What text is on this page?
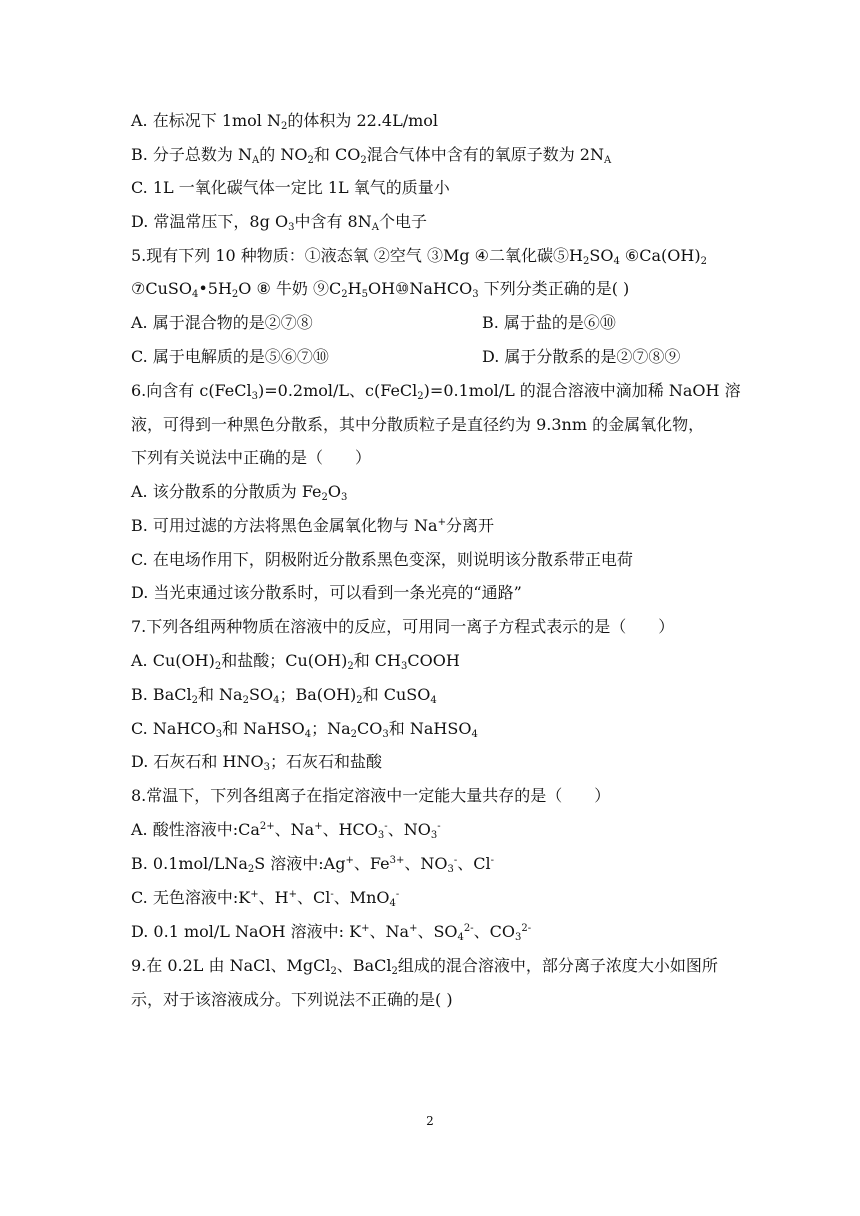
A. 在标况下 1mol $N_2$的体积为 22.4L/mol
B. 分子总数为 $N_A$的 $NO_2$和 $CO_2$混合气体中含有的氧原子数为 $2N_A$
C. 1L 一氧化碳气体一定比 1L 氧气的质量小
D. 常温常压下，8g $O_3$中含有 $8N_A$个电子
5.现有下列 10 种物质：①液态氧 ②空气 ③Mg ④二氧化碳$⑤H_2SO_4$ $⑥Ca(OH)_2$
$⑦CuSO_4•5H_2O$ ⑧ 牛奶 $⑨C_2H_5OH⑩NaHCO_3$ 下列分类正确的是( )
A. 属于混合物的是②⑦⑧	B. 属于盐的是⑥⑩
C. 属于电解质的是⑤⑥⑦⑩	D. 属于分散系的是②⑦⑧⑨
6.向含有 c(FeCl$_3$)=0.2mol/L、c(FeCl$_2$)=0.1mol/L 的混合溶液中滴加稀 NaOH 溶
液，可得到一种黑色分散系，其中分散质粒子是直径约为 9.3nm 的金属氧化物，
下列有关说法中正确的是（　　）
A. 该分散系的分散质为 $Fe_2O_3$
B. 可用过滤的方法将黑色金属氧化物与 Na+分离开
C. 在电场作用下，阴极附近分散系黑色变深，则说明该分散系带正电荷
D. 当光束通过该分散系时，可以看到一条光亮的“通路”
7.下列各组两种物质在溶液中的反应，可用同一离子方程式表示的是（　　）
A. $Cu(OH)_2$和盐酸；$Cu(OH)_2$和 $CH_3COOH$
B. BaCl$_2$和 $Na_2SO_4$；$Ba(OH)_2$和 CuSO$_4$
C. NaHCO$_3$和 NaHSO$_4$；$Na_2CO_3$和 NaHSO$_4$
D. 石灰石和 $HNO_3$；石灰石和盐酸
8.常温下，下列各组离子在指定溶液中一定能大量共存的是（　　）
A. 酸性溶液中$:Ca^{2+}$、Na+、$HCO_3^-$、$NO_3^-$
B. 0.1mol/LNa$_2$S 溶液中:Ag+、$Fe^{3+}$、$NO_3^-$、Cl-
C. 无色溶液中:K+、H+、Cl-、MnO$_4$-
D. 0.1 mol/L NaOH 溶液中: K+、Na+、$SO_4^{2-}$、$CO_3^{2-}$
9.在 0.2L 由 NaCl、MgCl$_2$、BaCl$_2$组成的混合溶液中，部分离子浓度大小如图所
示，对于该溶液成分。下列说法不正确的是( )
2
